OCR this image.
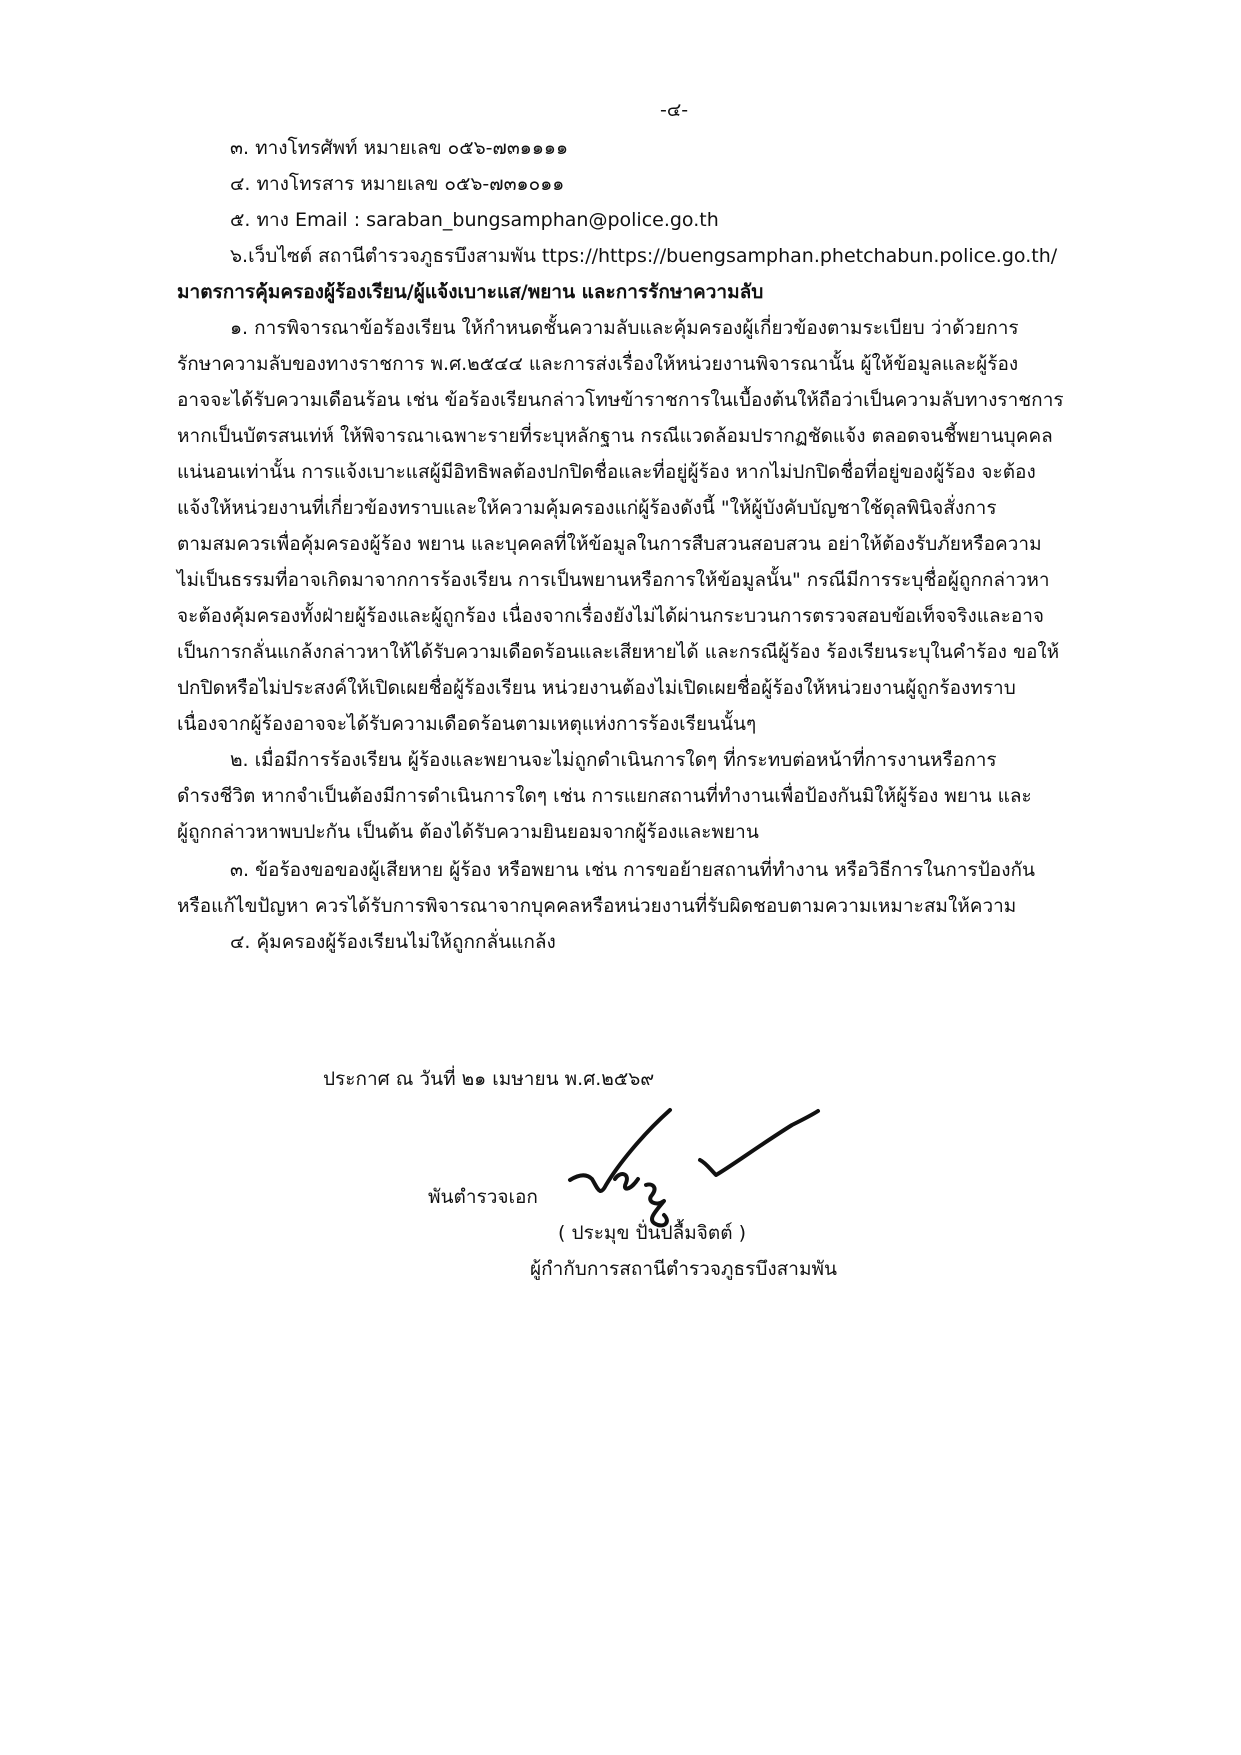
-๔-
๓. ทางโทรศัพท์ หมายเลข ๐๕๖-๗๓๑๑๑๑
๔. ทางโทรสาร หมายเลข ๐๕๖-๗๓๑๐๑๑
๕. ทาง Email : saraban_bungsamphan@police.go.th
๖.เว็บไซต์ สถานีตำรวจภูธรบึงสามพัน ttps://https://buengsamphan.phetchabun.police.go.th/
มาตรการคุ้มครองผู้ร้องเรียน/ผู้แจ้งเบาะแส/พยาน และการรักษาความลับ
๑. การพิจารณาข้อร้องเรียน ให้กำหนดชั้นความลับและคุ้มครองผู้เกี่ยวข้องตามระเบียบ ว่าด้วยการ
รักษาความลับของทางราชการ พ.ศ.๒๕๔๔ และการส่งเรื่องให้หน่วยงานพิจารณานั้น ผู้ให้ข้อมูลและผู้ร้อง
อาจจะได้รับความเดือนร้อน เช่น ข้อร้องเรียนกล่าวโทษข้าราชการในเบื้องต้นให้ถือว่าเป็นความลับทางราชการ
หากเป็นบัตรสนเท่ห์ ให้พิจารณาเฉพาะรายที่ระบุหลักฐาน กรณีแวดล้อมปรากฏชัดแจ้ง ตลอดจนชี้พยานบุคคล
แน่นอนเท่านั้น การแจ้งเบาะแสผู้มีอิทธิพลต้องปกปิดชื่อและที่อยู่ผู้ร้อง หากไม่ปกปิดชื่อที่อยู่ของผู้ร้อง จะต้อง
แจ้งให้หน่วยงานที่เกี่ยวข้องทราบและให้ความคุ้มครองแก่ผู้ร้องดังนี้ "ให้ผู้บังคับบัญชาใช้ดุลพินิจสั่งการ
ตามสมควรเพื่อคุ้มครองผู้ร้อง พยาน และบุคคลที่ให้ข้อมูลในการสืบสวนสอบสวน อย่าให้ต้องรับภัยหรือความ
ไม่เป็นธรรมที่อาจเกิดมาจากการร้องเรียน การเป็นพยานหรือการให้ข้อมูลนั้น" กรณีมีการระบุชื่อผู้ถูกกล่าวหา
จะต้องคุ้มครองทั้งฝ่ายผู้ร้องและผู้ถูกร้อง เนื่องจากเรื่องยังไม่ได้ผ่านกระบวนการตรวจสอบข้อเท็จจริงและอาจ
เป็นการกลั่นแกล้งกล่าวหาให้ได้รับความเดือดร้อนและเสียหายได้ และกรณีผู้ร้อง ร้องเรียนระบุในคำร้อง ขอให้
ปกปิดหรือไม่ประสงค์ให้เปิดเผยชื่อผู้ร้องเรียน หน่วยงานต้องไม่เปิดเผยชื่อผู้ร้องให้หน่วยงานผู้ถูกร้องทราบ
เนื่องจากผู้ร้องอาจจะได้รับความเดือดร้อนตามเหตุแห่งการร้องเรียนนั้นๆ
๒. เมื่อมีการร้องเรียน ผู้ร้องและพยานจะไม่ถูกดำเนินการใดๆ ที่กระทบต่อหน้าที่การงานหรือการ
ดำรงชีวิต หากจำเป็นต้องมีการดำเนินการใดๆ เช่น การแยกสถานที่ทำงานเพื่อป้องกันมิให้ผู้ร้อง พยาน และ
ผู้ถูกกล่าวหาพบปะกัน เป็นต้น ต้องได้รับความยินยอมจากผู้ร้องและพยาน
๓. ข้อร้องขอของผู้เสียหาย ผู้ร้อง หรือพยาน เช่น การขอย้ายสถานที่ทำงาน หรือวิธีการในการป้องกัน
หรือแก้ไขปัญหา ควรได้รับการพิจารณาจากบุคคลหรือหน่วยงานที่รับผิดชอบตามความเหมาะสมให้ความ
๔. คุ้มครองผู้ร้องเรียนไม่ให้ถูกกลั่นแกล้ง
ประกาศ ณ วันที่ ๒๑ เมษายน พ.ศ.๒๕๖๙
พันตำรวจเอก
( ประมุข ปั่นปลื้มจิตต์ )
ผู้กำกับการสถานีตำรวจภูธรบึงสามพัน
